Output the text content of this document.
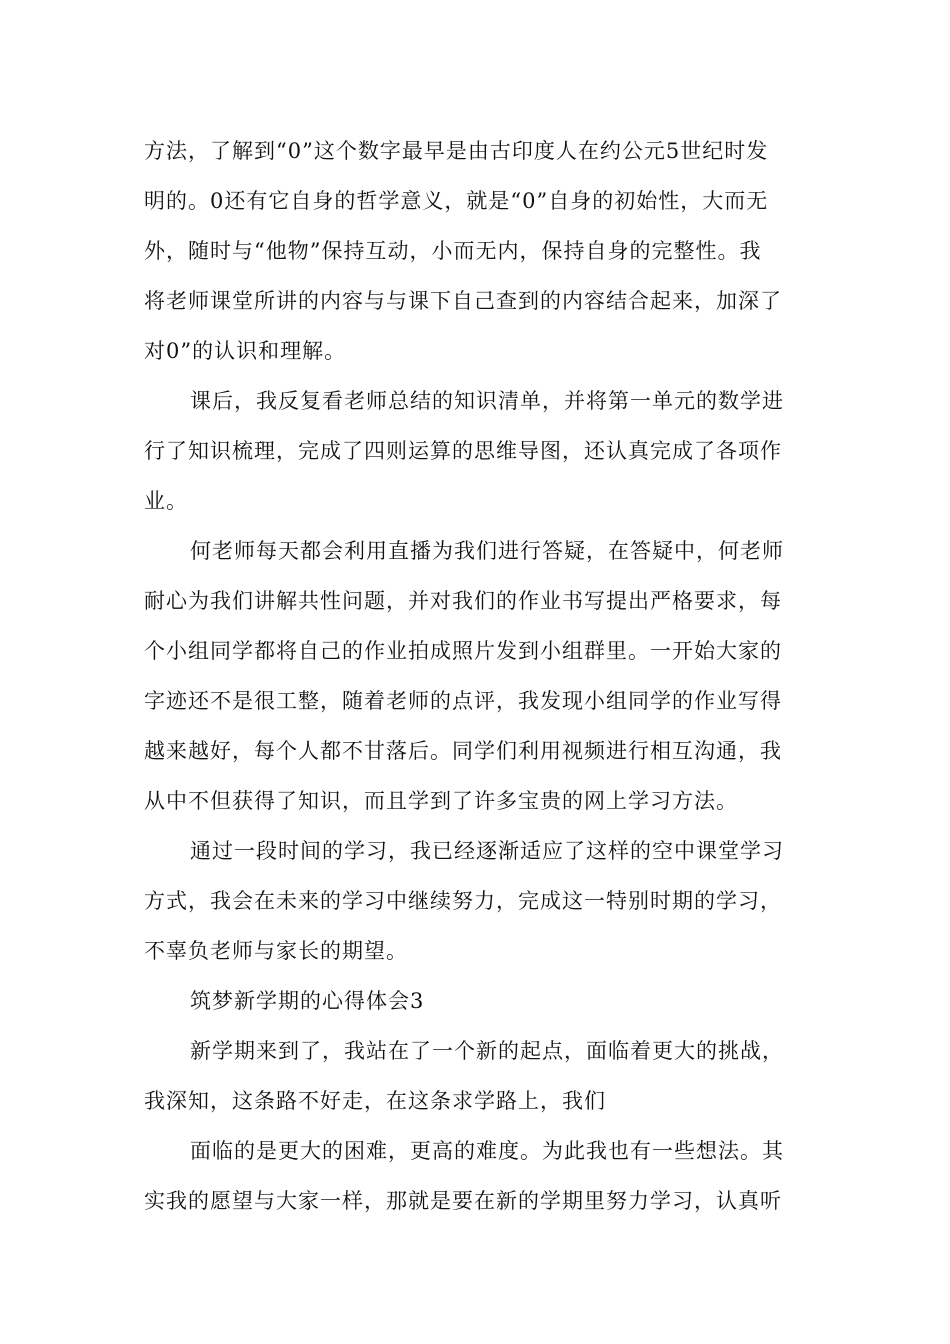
方法，了解到“0”这个数字最早是由古印度人在约公元5世纪时发
明的。0还有它自身的哲学意义，就是“0”自身的初始性，大而无
外，随时与“他物”保持互动，小而无内，保持自身的完整性。我
将老师课堂所讲的内容与与课下自己查到的内容结合起来，加深了
对0”的认识和理解。
课后，我反复看老师总结的知识清单，并将第一单元的数学进
行了知识梳理，完成了四则运算的思维导图，还认真完成了各项作
业。
何老师每天都会利用直播为我们进行答疑，在答疑中，何老师
耐心为我们讲解共性问题，并对我们的作业书写提出严格要求，每
个小组同学都将自己的作业拍成照片发到小组群里。一开始大家的
字迹还不是很工整，随着老师的点评，我发现小组同学的作业写得
越来越好，每个人都不甘落后。同学们利用视频进行相互沟通，我
从中不但获得了知识，而且学到了许多宝贵的网上学习方法。
通过一段时间的学习，我已经逐渐适应了这样的空中课堂学习
方式，我会在未来的学习中继续努力，完成这一特别时期的学习，
不辜负老师与家长的期望。
筑梦新学期的心得体会3
新学期来到了，我站在了一个新的起点，面临着更大的挑战，
我深知，这条路不好走，在这条求学路上，我们
面临的是更大的困难，更高的难度。为此我也有一些想法。其
实我的愿望与大家一样，那就是要在新的学期里努力学习，认真听
